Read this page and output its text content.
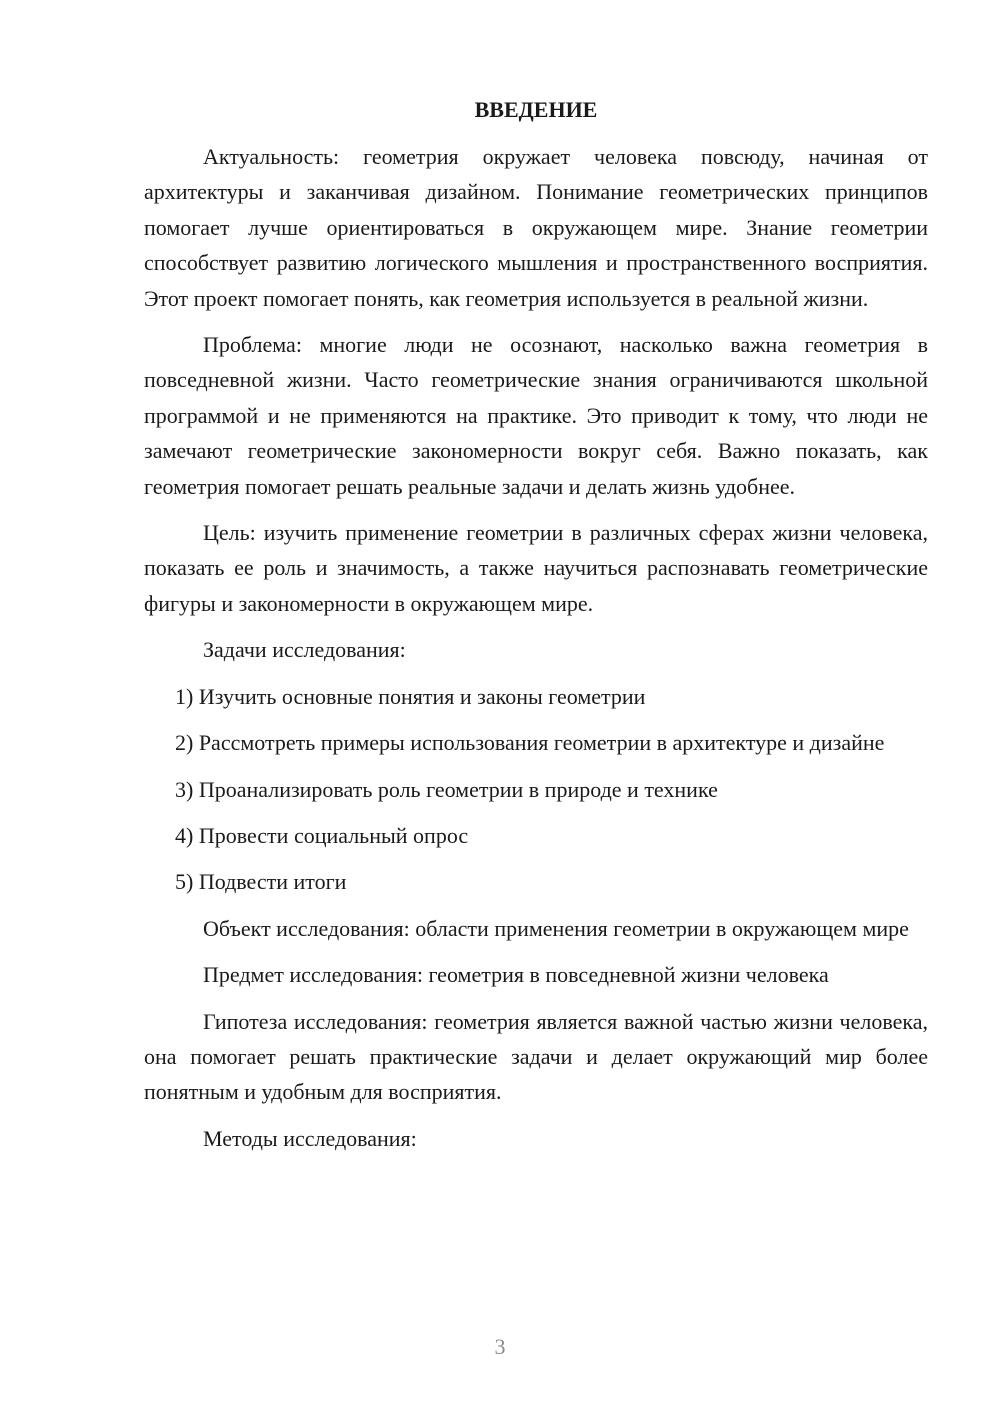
ВВЕДЕНИЕ

Актуальность: геометрия окружает человека повсюду, начиная от архитектуры и заканчивая дизайном. Понимание геометрических принципов помогает лучше ориентироваться в окружающем мире. Знание геометрии способствует развитию логического мышления и пространственного восприятия. Этот проект помогает понять, как геометрия используется в реальной жизни.

Проблема: многие люди не осознают, насколько важна геометрия в повседневной жизни. Часто геометрические знания ограничиваются школьной программой и не применяются на практике. Это приводит к тому, что люди не замечают геометрические закономерности вокруг себя. Важно показать, как геометрия помогает решать реальные задачи и делать жизнь удобнее.

Цель: изучить применение геометрии в различных сферах жизни человека, показать ее роль и значимость, а также научиться распознавать геометрические фигуры и закономерности в окружающем мире.

Задачи исследования:

1) Изучить основные понятия и законы геометрии

2) Рассмотреть примеры использования геометрии в архитектуре и дизайне

3) Проанализировать роль геометрии в природе и технике

4) Провести социальный опрос

5) Подвести итоги

Объект исследования: области применения геометрии в окружающем мире

Предмет исследования: геометрия в повседневной жизни человека

Гипотеза исследования: геометрия является важной частью жизни человека, она помогает решать практические задачи и делает окружающий мир более понятным и удобным для восприятия.

Методы исследования:

3
